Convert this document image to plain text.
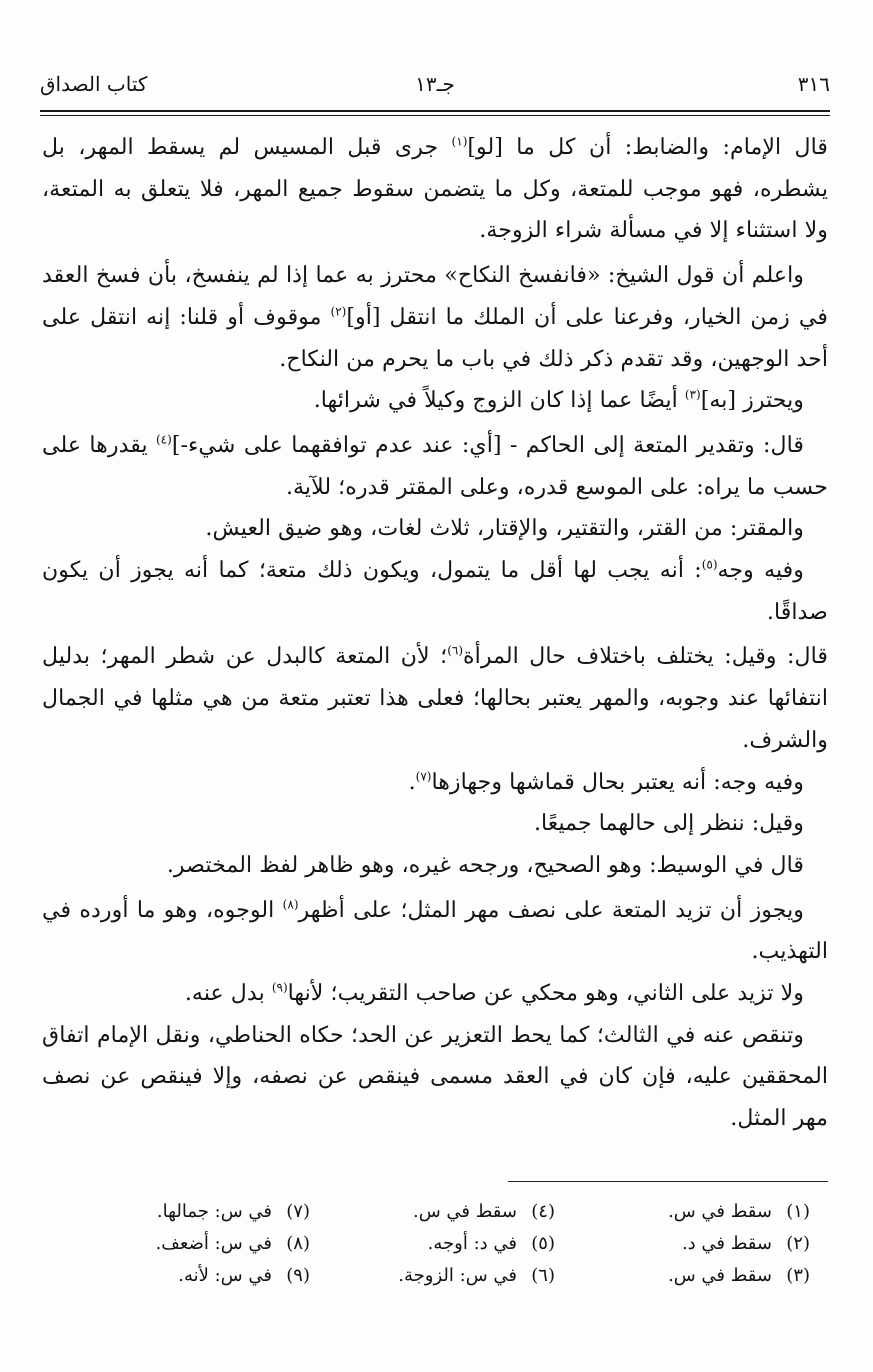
٣١٦
جـ١٣
كتاب الصداق

قال الإمام: والضابط: أن كل ما [لو]$^{(١)}$ جرى قبل المسيس لم يسقط المهر، بل يشطره، فهو موجب للمتعة، وكل ما يتضمن سقوط جميع المهر، فلا يتعلق به المتعة، ولا استثناء إلا في مسألة شراء الزوجة.

واعلم أن قول الشيخ: «فانفسخ النكاح» محترز به عما إذا لم ينفسخ، بأن فسخ العقد في زمن الخيار، وفرعنا على أن الملك ما انتقل [أو]$^{(٢)}$ موقوف أو قلنا: إنه انتقل على أحد الوجهين، وقد تقدم ذكر ذلك في باب ما يحرم من النكاح.

ويحترز [به]$^{(٣)}$ أيضًا عما إذا كان الزوج وكيلاً في شرائها.

قال: وتقدير المتعة إلى الحاكم - [أي: عند عدم توافقهما على شيء-]$^{(٤)}$ يقدرها على حسب ما يراه: على الموسع قدره، وعلى المقتر قدره؛ للآية.

والمقتر: من القتر، والتقتير، والإقتار، ثلاث لغات، وهو ضيق العيش.

وفيه وجه$^{(٥)}$: أنه يجب لها أقل ما يتمول، ويكون ذلك متعة؛ كما أنه يجوز أن يكون صداقًا.

قال: وقيل: يختلف باختلاف حال المرأة$^{(٦)}$؛ لأن المتعة كالبدل عن شطر المهر؛ بدليل انتفائها عند وجوبه، والمهر يعتبر بحالها؛ فعلى هذا تعتبر متعة من هي مثلها في الجمال والشرف.

وفيه وجه: أنه يعتبر بحال قماشها وجهازها$^{(٧)}$.

وقيل: ننظر إلى حالهما جميعًا.

قال في الوسيط: وهو الصحيح، ورجحه غيره، وهو ظاهر لفظ المختصر.

ويجوز أن تزيد المتعة على نصف مهر المثل؛ على أظهر$^{(٨)}$ الوجوه، وهو ما أورده في التهذيب.

ولا تزيد على الثاني، وهو محكي عن صاحب التقريب؛ لأنها$^{(٩)}$ بدل عنه.

وتنقص عنه في الثالث؛ كما يحط التعزير عن الحد؛ حكاه الحناطي، ونقل الإمام اتفاق المحققين عليه، فإن كان في العقد مسمى فينقص عن نصفه، وإلا فينقص عن نصف مهر المثل.

(١)سقط في س.
(٢)سقط في د.
(٣)سقط في س.
(٤)سقط في س.
(٥)في د: أوجه.
(٦)في س: الزوجة.
(٧)في س: جمالها.
(٨)في س: أضعف.
(٩)في س: لأنه.
